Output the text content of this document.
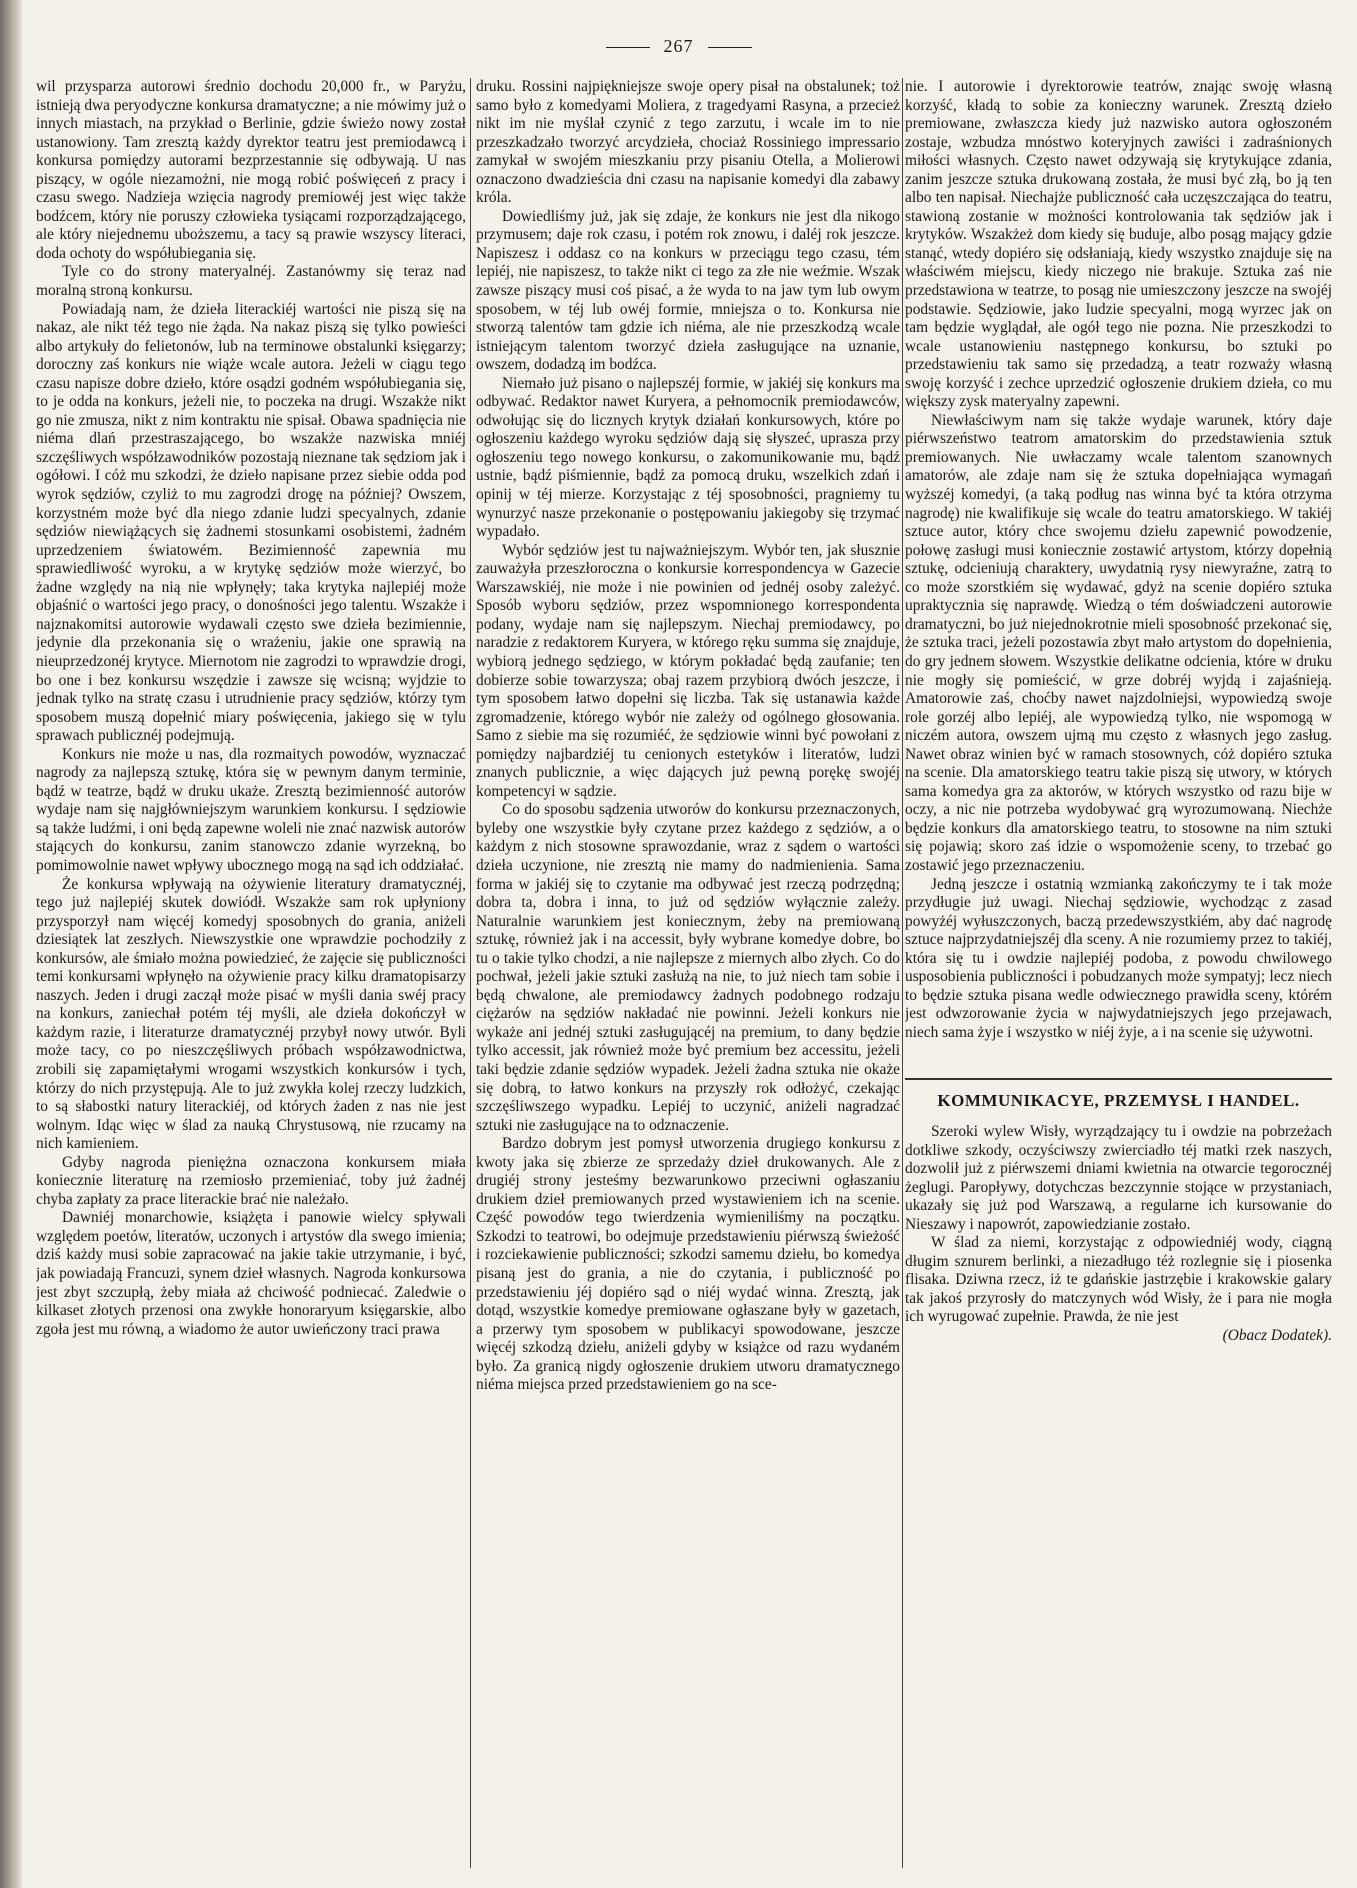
267

wil przysparza autorowi średnio dochodu 20,000 fr., w Paryżu, istnieją dwa peryodyczne konkursa dramatyczne; a nie mówimy już o innych miastach, na przykład o Berlinie, gdzie świeżo nowy został ustanowiony. Tam zresztą każdy dyrektor teatru jest premiodawcą i konkursa pomiędzy autorami bezprzestannie się odbywają. U nas piszący, w ogóle niezamożni, nie mogą robić poświęceń z pracy i czasu swego. Nadzieja wzięcia nagrody premiowéj jest więc także bodźcem, który nie poruszy człowieka tysiącami rozporządzającego, ale który niejednemu uboższemu, a tacy są prawie wszyscy literaci, doda ochoty do współubiegania się.

Tyle co do strony materyalnéj. Zastanówmy się teraz nad moralną stroną konkursu.

Powiadają nam, że dzieła literackiéj wartości nie piszą się na nakaz, ale nikt téż tego nie żąda. Na nakaz piszą się tylko powieści albo artykuły do felietonów, lub na terminowe obstalunki księgarzy; doroczny zaś konkurs nie wiąże wcale autora. Jeżeli w ciągu tego czasu napisze dobre dzieło, które osądzi godném współubiegania się, to je odda na konkurs, jeżeli nie, to poczeka na drugi. Wszakże nikt go nie zmusza, nikt z nim kontraktu nie spisał. Obawa spadnięcia nie niéma dlań przestraszającego, bo wszakże nazwiska mniéj szczęśliwych współzawodników pozostają nieznane tak sędziom jak i ogółowi. I cóż mu szkodzi, że dzieło napisane przez siebie odda pod wyrok sędziów, czyliż to mu zagrodzi drogę na później? Owszem, korzystném może być dla niego zdanie ludzi specyalnych, zdanie sędziów niewiążących się żadnemi stosunkami osobistemi, żadném uprzedzeniem światowém. Bezimienność zapewnia mu sprawiedliwość wyroku, a w krytykę sędziów może wierzyć, bo żadne względy na nią nie wpłynęły; taka krytyka najlepiéj może objaśnić o wartości jego pracy, o donośności jego talentu. Wszakże i najznakomitsi autorowie wydawali często swe dzieła bezimiennie, jedynie dla przekonania się o wrażeniu, jakie one sprawią na nieuprzedzonéj krytyce. Miernotom nie zagrodzi to wprawdzie drogi, bo one i bez konkursu wszędzie i zawsze się wcisną; wyjdzie to jednak tylko na stratę czasu i utrudnienie pracy sędziów, którzy tym sposobem muszą dopełnić miary poświęcenia, jakiego się w tylu sprawach publicznéj podejmują.

Konkurs nie może u nas, dla rozmaitych powodów, wyznaczać nagrody za najlepszą sztukę, która się w pewnym danym terminie, bądź w teatrze, bądź w druku ukaże. Zresztą bezimienność autorów wydaje nam się najgłówniejszym warunkiem konkursu. I sędziowie są także ludźmi, i oni będą zapewne woleli nie znać nazwisk autorów stających do konkursu, zanim stanowczo zdanie wyrzekną, bo pomimowolnie nawet wpływy ubocznego mogą na sąd ich oddziałać.

Że konkursa wpływają na ożywienie literatury dramatycznéj, tego już najlepiéj skutek dowiódł. Wszakże sam rok upłyniony przysporzył nam więcéj komedyj sposobnych do grania, aniżeli dziesiątek lat zeszłych. Niewszystkie one wprawdzie pochodziły z konkursów, ale śmiało można powiedzieć, że zajęcie się publiczności temi konkursami wpłynęło na ożywienie pracy kilku dramatopisarzy naszych. Jeden i drugi zaczął może pisać w myśli dania swéj pracy na konkurs, zaniechał potém téj myśli, ale dzieła dokończył w każdym razie, i literaturze dramatycznéj przybył nowy utwór. Byli może tacy, co po nieszczęśliwych próbach współzawodnictwa, zrobili się zapamiętałymi wrogami wszystkich konkursów i tych, którzy do nich przystępują. Ale to już zwykła kolej rzeczy ludzkich, to są słabostki natury literackiéj, od których żaden z nas nie jest wolnym. Idąc więc w ślad za nauką Chrystusową, nie rzucamy na nich kamieniem.

Gdyby nagroda pieniężna oznaczona konkursem miała koniecznie literaturę na rzemiosło przemieniać, toby już żadnéj chyba zapłaty za prace literackie brać nie należało.

Dawniéj monarchowie, książęta i panowie wielcy spływali względem poetów, literatów, uczonych i artystów dla swego imienia; dziś każdy musi sobie zapracować na jakie takie utrzymanie, i być, jak powiadają Francuzi, synem dzieł własnych. Nagroda konkursowa jest zbyt szczupłą, żeby miała aż chciwość podniecać. Zaledwie o kilkaset złotych przenosi ona zwykłe honoraryum księgarskie, albo zgoła jest mu równą, a wiadomo że autor uwieńczony traci prawa

druku. Rossini najpiękniejsze swoje opery pisał na obstalunek; toż samo było z komedyami Moliera, z tragedyami Rasyna, a przecież nikt im nie myślał czynić z tego zarzutu, i wcale im to nie przeszkadzało tworzyć arcydzieła, chociaż Rossiniego impressario zamykał w swojém mieszkaniu przy pisaniu Otella, a Molierowi oznaczono dwadzieścia dni czasu na napisanie komedyi dla zabawy króla.

Dowiedliśmy już, jak się zdaje, że konkurs nie jest dla nikogo przymusem; daje rok czasu, i potém rok znowu, i daléj rok jeszcze. Napiszesz i oddasz co na konkurs w przeciągu tego czasu, tém lepiéj, nie napiszesz, to także nikt ci tego za złe nie weźmie. Wszak zawsze piszący musi coś pisać, a że wyda to na jaw tym lub owym sposobem, w téj lub owéj formie, mniejsza o to. Konkursa nie stworzą talentów tam gdzie ich niéma, ale nie przeszkodzą wcale istniejącym talentom tworzyć dzieła zasługujące na uznanie, owszem, dodadzą im bodźca.

Niemało już pisano o najlepszéj formie, w jakiéj się konkurs ma odbywać. Redaktor nawet Kuryera, a pełnomocnik premiodawców, odwołując się do licznych krytyk działań konkursowych, które po ogłoszeniu każdego wyroku sędziów dają się słyszeć, uprasza przy ogłoszeniu tego nowego konkursu, o zakomunikowanie mu, bądź ustnie, bądź piśmiennie, bądź za pomocą druku, wszelkich zdań i opinij w téj mierze. Korzystając z téj sposobności, pragniemy tu wynurzyć nasze przekonanie o postępowaniu jakiegoby się trzymać wypadało.

Wybór sędziów jest tu najważniejszym. Wybór ten, jak słusznie zauważyła przeszłoroczna o konkursie korrespondencya w Gazecie Warszawskiéj, nie może i nie powinien od jednéj osoby zależyć. Sposób wyboru sędziów, przez wspomnionego korrespondenta podany, wydaje nam się najlepszym. Niechaj premiodawcy, po naradzie z redaktorem Kuryera, w którego ręku summa się znajduje, wybiorą jednego sędziego, w którym pokładać będą zaufanie; ten dobierze sobie towarzysza; obaj razem przybiorą dwóch jeszcze, i tym sposobem łatwo dopełni się liczba. Tak się ustanawia każde zgromadzenie, którego wybór nie zależy od ogólnego głosowania. Samo z siebie ma się rozumiéć, że sędziowie winni być powołani z pomiędzy najbardziéj tu cenionych estetyków i literatów, ludzi znanych publicznie, a więc dających już pewną porękę swojéj kompetencyi w sądzie.

Co do sposobu sądzenia utworów do konkursu przeznaczonych, byleby one wszystkie były czytane przez każdego z sędziów, a o każdym z nich stosowne sprawozdanie, wraz z sądem o wartości dzieła uczynione, nie zresztą nie mamy do nadmienienia. Sama forma w jakiéj się to czytanie ma odbywać jest rzeczą podrzędną; dobra ta, dobra i inna, to już od sędziów wyłącznie zależy. Naturalnie warunkiem jest koniecznym, żeby na premiowaną sztukę, również jak i na accessit, były wybrane komedye dobre, bo tu o takie tylko chodzi, a nie najlepsze z miernych albo złych. Co do pochwał, jeżeli jakie sztuki zasłużą na nie, to już niech tam sobie i będą chwalone, ale premiodawcy żadnych podobnego rodzaju ciężarów na sędziów nakładać nie powinni. Jeżeli konkurs nie wykaże ani jednéj sztuki zasługującéj na premium, to dany będzie tylko accessit, jak również może być premium bez accessitu, jeżeli taki będzie zdanie sędziów wypadek. Jeżeli żadna sztuka nie okaże się dobrą, to łatwo konkurs na przyszły rok odłożyć, czekając szczęśliwszego wypadku. Lepiéj to uczynić, aniżeli nagradzać sztuki nie zasługujące na to odznaczenie.

Bardzo dobrym jest pomysł utworzenia drugiego konkursu z kwoty jaka się zbierze ze sprzedaży dzieł drukowanych. Ale z drugiéj strony jesteśmy bezwarunkowo przeciwni ogłaszaniu drukiem dzieł premiowanych przed wystawieniem ich na scenie. Część powodów tego twierdzenia wymieniliśmy na początku. Szkodzi to teatrowi, bo odejmuje przedstawieniu piérwszą świeżość i rozciekawienie publiczności; szkodzi samemu dziełu, bo komedya pisaną jest do grania, a nie do czytania, i publiczność po przedstawieniu jéj dopiéro sąd o niéj wydać winna. Zresztą, jak dotąd, wszystkie komedye premiowane ogłaszane były w gazetach, a przerwy tym sposobem w publikacyi spowodowane, jeszcze więcéj szkodzą dziełu, aniżeli gdyby w książce od razu wydaném było. Za granicą nigdy ogłoszenie drukiem utworu dramatycznego niéma miejsca przed przedstawieniem go na sce-

nie. I autorowie i dyrektorowie teatrów, znając swoję własną korzyść, kładą to sobie za konieczny warunek. Zresztą dzieło premiowane, zwłaszcza kiedy już nazwisko autora ogłoszoném zostaje, wzbudza mnóstwo koteryjnych zawiści i zadraśnionych miłości własnych. Często nawet odzywają się krytykujące zdania, zanim jeszcze sztuka drukowaną została, że musi być złą, bo ją ten albo ten napisał. Niechajże publiczność cała uczęszczająca do teatru, stawioną zostanie w możności kontrolowania tak sędziów jak i krytyków. Wszakżeż dom kiedy się buduje, albo posąg mający gdzie stanąć, wtedy dopiéro się odsłaniają, kiedy wszystko znajduje się na właściwém miejscu, kiedy niczego nie brakuje. Sztuka zaś nie przedstawiona w teatrze, to posąg nie umieszczony jeszcze na swojéj podstawie. Sędziowie, jako ludzie specyalni, mogą wyrzec jak on tam będzie wyglądał, ale ogół tego nie pozna. Nie przeszkodzi to wcale ustanowieniu następnego konkursu, bo sztuki po przedstawieniu tak samo się przedadzą, a teatr rozważy własną swoję korzyść i zechce uprzedzić ogłoszenie drukiem dzieła, co mu większy zysk materyalny zapewni.

Niewłaściwym nam się także wydaje warunek, który daje piérwszeństwo teatrom amatorskim do przedstawienia sztuk premiowanych. Nie uwłaczamy wcale talentom szanownych amatorów, ale zdaje nam się że sztuka dopełniająca wymagań wyższéj komedyi, (a taką podług nas winna być ta która otrzyma nagrodę) nie kwalifikuje się wcale do teatru amatorskiego. W takiéj sztuce autor, który chce swojemu dziełu zapewnić powodzenie, połowę zasługi musi koniecznie zostawić artystom, którzy dopełnią sztukę, odcieniują charaktery, uwydatnią rysy niewyraźne, zatrą to co może szorstkiém się wydawać, gdyż na scenie dopiéro sztuka upraktycznia się naprawdę. Wiedzą o tém doświadczeni autorowie dramatyczni, bo już niejednokrotnie mieli sposobność przekonać się, że sztuka traci, jeżeli pozostawia zbyt mało artystom do dopełnienia, do gry jednem słowem. Wszystkie delikatne odcienia, które w druku nie mogły się pomieścić, w grze dobréj wyjdą i zajaśnieją. Amatorowie zaś, choćby nawet najzdolniejsi, wypowiedzą swoje role gorzéj albo lepiéj, ale wypowiedzą tylko, nie wspomogą w niczém autora, owszem ujmą mu często z własnych jego zasług. Nawet obraz winien być w ramach stosownych, cóż dopiéro sztuka na scenie. Dla amatorskiego teatru takie piszą się utwory, w których sama komedya gra za aktorów, w których wszystko od razu bije w oczy, a nic nie potrzeba wydobywać grą wyrozumowaną. Niechże będzie konkurs dla amatorskiego teatru, to stosowne na nim sztuki się pojawią; skoro zaś idzie o wspomożenie sceny, to trzebać go zostawić jego przeznaczeniu.

Jedną jeszcze i ostatnią wzmianką zakończymy te i tak może przydługie już uwagi. Niechaj sędziowie, wychodząc z zasad powyżéj wyłuszczonych, baczą przedewszystkiém, aby dać nagrodę sztuce najprzydatniejszéj dla sceny. A nie rozumiemy przez to takiéj, która się tu i owdzie najlepiéj podoba, z powodu chwilowego usposobienia publiczności i pobudzanych może sympatyj; lecz niech to będzie sztuka pisana wedle odwiecznego prawidła sceny, którém jest odwzorowanie życia w najwydatniejszych jego przejawach, niech sama żyje i wszystko w niéj żyje, a i na scenie się używotni.

KOMMUNIKACYE, PRZEMYSŁ I HANDEL.

Szeroki wylew Wisły, wyrządzający tu i owdzie na pobrzeżach dotkliwe szkody, oczyściwszy zwierciadło téj matki rzek naszych, dozwolił już z piérwszemi dniami kwietnia na otwarcie tegorocznéj żeglugi. Paropływy, dotychczas bezczynnie stojące w przystaniach, ukazały się już pod Warszawą, a regularne ich kursowanie do Nieszawy i napowrót, zapowiedzianie zostało.

W ślad za niemi, korzystając z odpowiedniéj wody, ciągną długim sznurem berlinki, a niezadługo téż rozlegnie się i piosenka flisaka. Dziwna rzecz, iż te gdańskie jastrzębie i krakowskie galary tak jakoś przyrosły do matczynych wód Wisły, że i para nie mogła ich wyrugować zupełnie. Prawda, że nie jest

(Obacz Dodatek).
